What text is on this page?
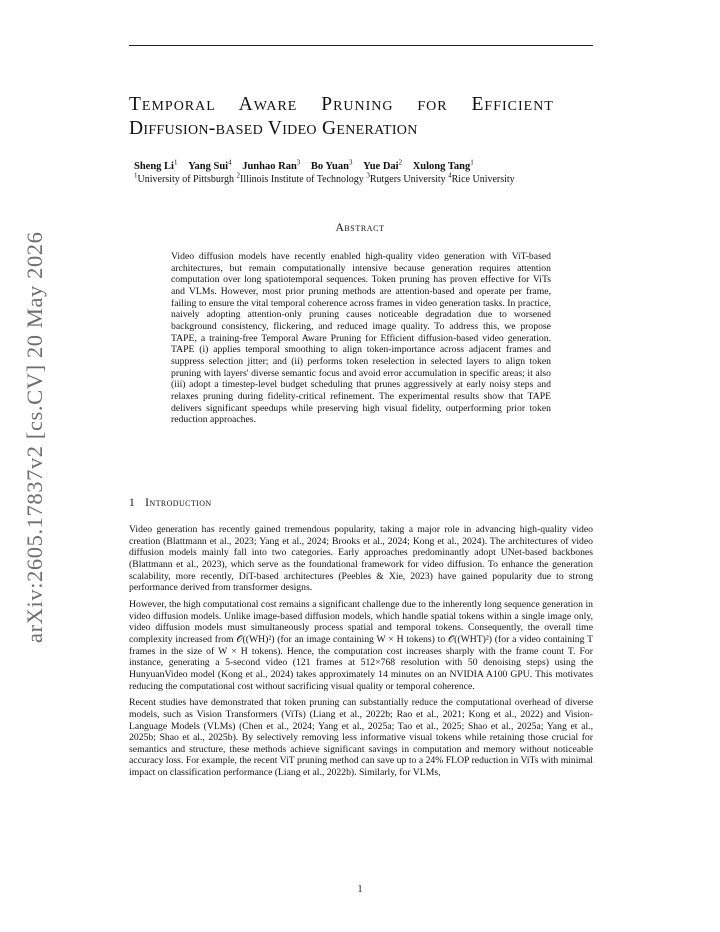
arXiv:2605.17837v2 [cs.CV] 20 May 2026
Temporal Aware Pruning for Efficient
Diffusion-based Video Generation
Sheng Li$^1$ Yang Sui$^4$ Junhao Ran$^3$ Bo Yuan$^3$ Yue Dai$^2$ Xulong Tang$^1$
$^1$University of Pittsburgh $^2$Illinois Institute of Technology $^3$Rutgers University $^4$Rice University
Abstract
Video diffusion models have recently enabled high-quality video generation with ViT-based architectures, but remain computationally intensive because generation requires attention computation over long spatiotemporal sequences. Token pruning has proven effective for ViTs and VLMs. However, most prior pruning methods are attention-based and operate per frame, failing to ensure the vital temporal coherence across frames in video generation tasks. In practice, naively adopting attention-only pruning causes noticeable degradation due to worsened background consistency, flickering, and reduced image quality. To address this, we propose TAPE, a training-free Temporal Aware Pruning for Efficient diffusion-based video generation. TAPE (i) applies temporal smoothing to align token-importance across adjacent frames and suppress selection jitter; and (ii) performs token reselection in selected layers to align token pruning with layers' diverse semantic focus and avoid error accumulation in specific areas; it also (iii) adopt a timestep-level budget scheduling that prunes aggressively at early noisy steps and relaxes pruning during fidelity-critical refinement. The experimental results show that TAPE delivers significant speedups while preserving high visual fidelity, outperforming prior token reduction approaches.
1 Introduction

Video generation has recently gained tremendous popularity, taking a major role in advancing high-quality video creation (Blattmann et al., 2023; Yang et al., 2024; Brooks et al., 2024; Kong et al., 2024). The architectures of video diffusion models mainly fall into two categories. Early approaches predominantly adopt UNet-based backbones (Blattmann et al., 2023), which serve as the foundational framework for video diffusion. To enhance the generation scalability, more recently, DiT-based architectures (Peebles & Xie, 2023) have gained popularity due to strong performance derived from transformer designs.

However, the high computational cost remains a significant challenge due to the inherently long sequence generation in video diffusion models. Unlike image-based diffusion models, which handle spatial tokens within a single image only, video diffusion models must simultaneously process spatial and temporal tokens. Consequently, the overall time complexity increased from 𝒪((WH)²) (for an image containing W × H tokens) to 𝒪((WHT)²) (for a video containing T frames in the size of W × H tokens). Hence, the computation cost increases sharply with the frame count T. For instance, generating a 5-second video (121 frames at 512×768 resolution with 50 denoising steps) using the HunyuanVideo model (Kong et al., 2024) takes approximately 14 minutes on an NVIDIA A100 GPU. This motivates reducing the computational cost without sacrificing visual quality or temporal coherence.

Recent studies have demonstrated that token pruning can substantially reduce the computational overhead of diverse models, such as Vision Transformers (ViTs) (Liang et al., 2022b; Rao et al., 2021; Kong et al., 2022) and Vision-Language Models (VLMs) (Chen et al., 2024; Yang et al., 2025a; Tao et al., 2025; Shao et al., 2025a; Yang et al., 2025b; Shao et al., 2025b). By selectively removing less informative visual tokens while retaining those crucial for semantics and structure, these methods achieve significant savings in computation and memory without noticeable accuracy loss. For example, the recent ViT pruning method can save up to a 24% FLOP reduction in ViTs with minimal impact on classification performance (Liang et al., 2022b). Similarly, for VLMs,

1
